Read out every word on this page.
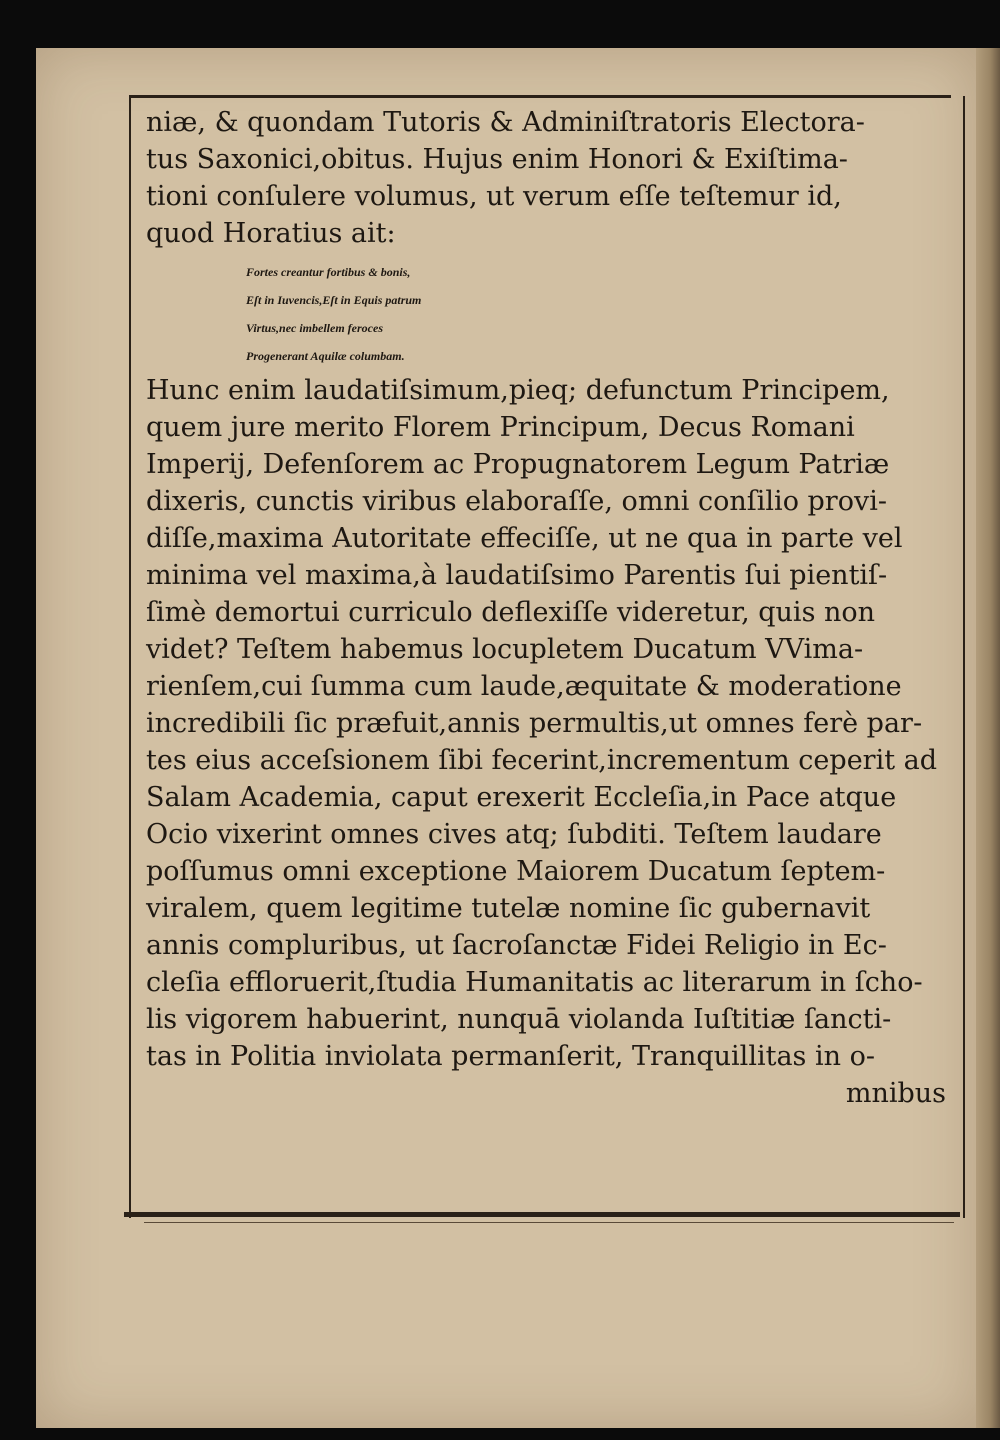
niæ, & quondam Tutoris & Adminiſtratoris Electora-
tus Saxonici,obitus. Hujus enim Honori & Exiſtima-
tioni conſulere volumus, ut verum eſſe teſtemur id,
quod Horatius ait:
Fortes creantur fortibus & bonis,
Eſt in Iuvencis,Eſt in Equis patrum
Virtus,nec imbellem feroces
Progenerant Aquilæ columbam.
Hunc enim laudatiſsimum,pieq; defunctum Principem,
quem jure merito Florem Principum, Decus Romani
Imperij, Defenſorem ac Propugnatorem Legum Patriæ
dixeris, cunctis viribus elaboraſſe, omni conſilio provi-
diſſe,maxima Autoritate effeciſſe, ut ne qua in parte vel
minima vel maxima,à laudatiſsimo Parentis ſui pientiſ-
ſimè demortui curriculo deflexiſſe videretur, quis non
videt? Teſtem habemus locupletem Ducatum VVima-
rienſem,cui ſumma cum laude,æquitate & moderatione
incredibili ſic præfuit,annis permultis,ut omnes ferè par-
tes eius acceſsionem ſibi fecerint,incrementum ceperit ad
Salam Academia, caput erexerit Eccleſia,in Pace atque
Ocio vixerint omnes cives atq; ſubditi. Teſtem laudare
poſſumus omni exceptione Maiorem Ducatum ſeptem-
viralem, quem legitime tutelæ nomine ſic gubernavit
annis compluribus, ut ſacroſanctæ Fidei Religio in Ec-
cleſia effloruerit,ſtudia Humanitatis ac literarum in ſcho-
lis vigorem habuerint, nunquā violanda Iuſtitiæ ſancti-
tas in Politia inviolata permanſerit, Tranquillitas in o-
mnibus
